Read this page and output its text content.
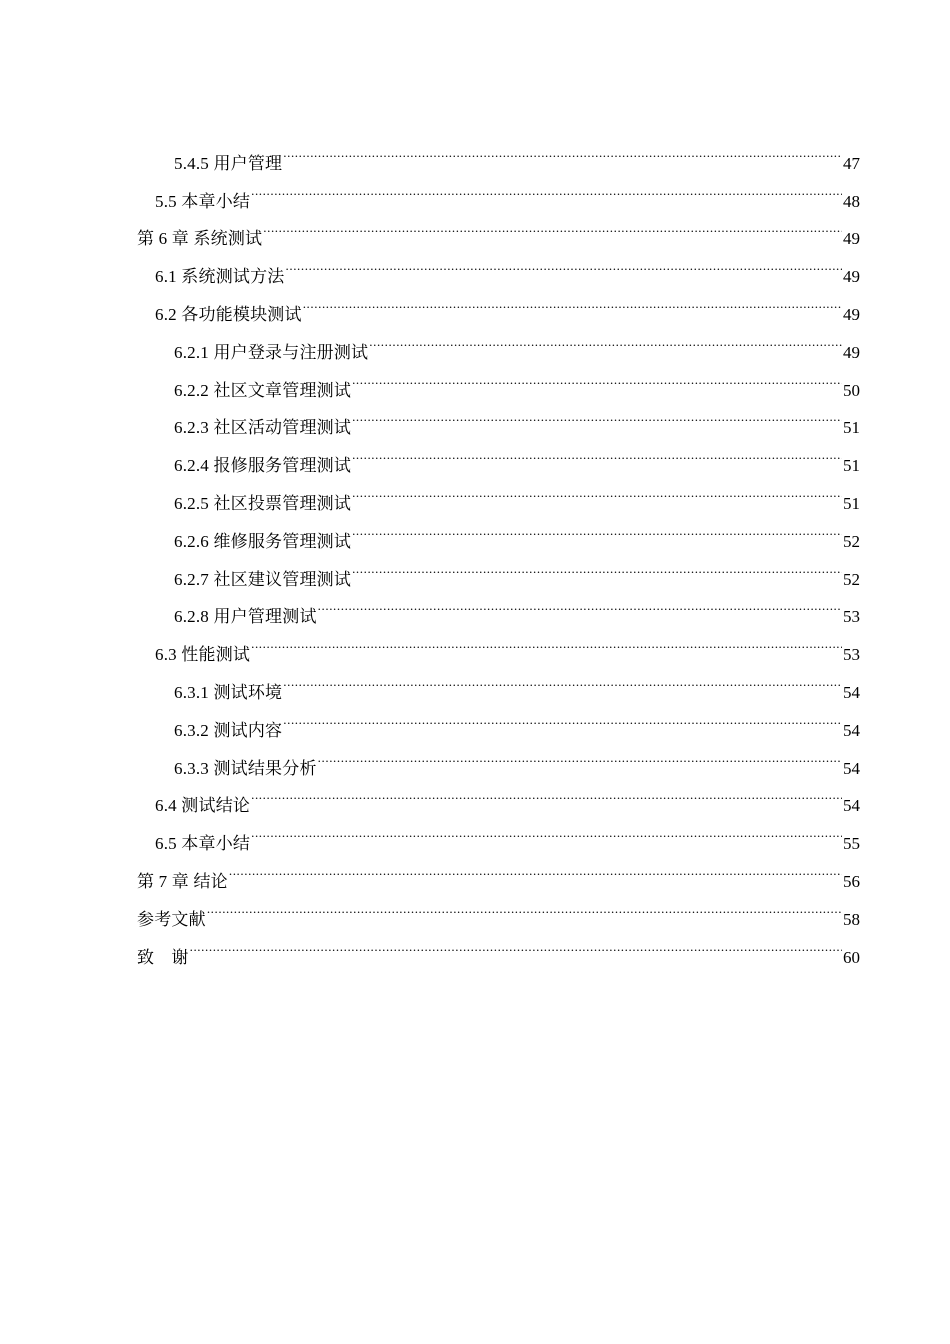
5.4.5 用户管理 .....	47
5.5 本章小结 .....	48
第 6 章 系统测试 .....	49
6.1 系统测试方法 .....	49
6.2 各功能模块测试 .....	49
6.2.1 用户登录与注册测试 .....	49
6.2.2 社区文章管理测试 .....	50
6.2.3 社区活动管理测试 .....	51
6.2.4 报修服务管理测试 .....	51
6.2.5 社区投票管理测试 .....	51
6.2.6 维修服务管理测试 .....	52
6.2.7 社区建议管理测试 .....	52
6.2.8 用户管理测试 .....	53
6.3 性能测试 .....	53
6.3.1 测试环境 .....	54
6.3.2 测试内容 .....	54
6.3.3 测试结果分析 .....	54
6.4 测试结论 .....	54
6.5 本章小结 .....	55
第 7 章 结论 .....	56
参考文献 .....	58
致　谢 .....	60
